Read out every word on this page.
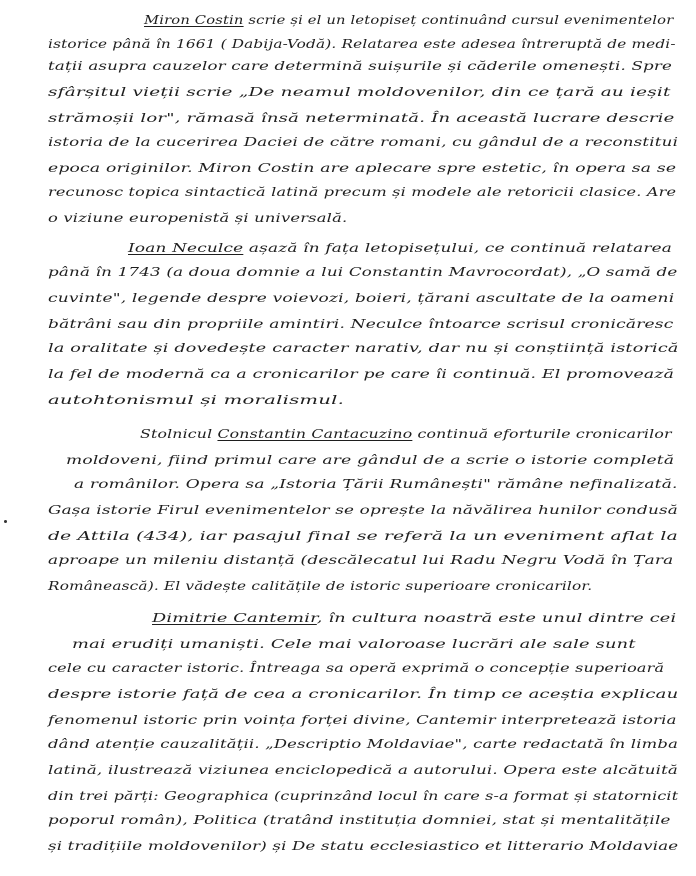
Miron Costin scrie și el un letopiseț continuând cursul evenimentelor
istorice până în 1661 ( Dabija-Vodă). Relatarea este adesea întreruptă de medi-
tații asupra cauzelor care determină suișurile și căderile omenești. Spre
sfârșitul vieții scrie „De neamul moldovenilor, din ce țară au ieșit
strămoșii lor", rămasă însă neterminată. În această lucrare descrie
istoria de la cucerirea Daciei de către romani, cu gândul de a reconstitui
epoca originilor. Miron Costin are aplecare spre estetic, în opera sa se
recunosc topica sintactică latină precum și modele ale retoricii clasice. Are
o viziune europenistă și universală.
Ioan Neculce așază în fața letopisețului, ce continuă relatarea
până în 1743 (a doua domnie a lui Constantin Mavrocordat), „O samă de
cuvinte", legende despre voievozi, boieri, țărani ascultate de la oameni
bătrâni sau din propriile amintiri. Neculce întoarce scrisul cronicăresc
la oralitate și dovedește caracter narativ, dar nu și conștiință istorică
la fel de modernă ca a cronicarilor pe care îi continuă. El promovează
autohtonismul și moralismul.
Stolnicul Constantin Cantacuzino continuă eforturile cronicarilor
moldoveni, fiind primul care are gândul de a scrie o istorie completă
a românilor. Opera sa „Istoria Țării Rumânești" rămâne nefinalizată.
Gașa istorie Firul evenimentelor se oprește la năvălirea hunilor condusă
de Attila (434), iar pasajul final se referă la un eveniment aflat la
aproape un mileniu distanță (descălecatul lui Radu Negru Vodă în Țara
Românească). El vădește calitățile de istoric superioare cronicarilor.
Dimitrie Cantemir, în cultura noastră este unul dintre cei
mai erudiți umaniști. Cele mai valoroase lucrări ale sale sunt
cele cu caracter istoric. Întreaga sa operă exprimă o concepție superioară
despre istorie față de cea a cronicarilor. În timp ce aceștia explicau
fenomenul istoric prin voința forței divine, Cantemir interpretează istoria
dând atenție cauzalității. „Descriptio Moldaviae", carte redactată în limba
latină, ilustrează viziunea enciclopedică a autorului. Opera este alcătuită
din trei părți: Geographica (cuprinzând locul în care s-a format și statornicit
poporul român), Politica (tratând instituția domniei, stat și mentalitățile
și tradițiile moldovenilor) și De statu ecclesiastico et litterario Moldaviae
